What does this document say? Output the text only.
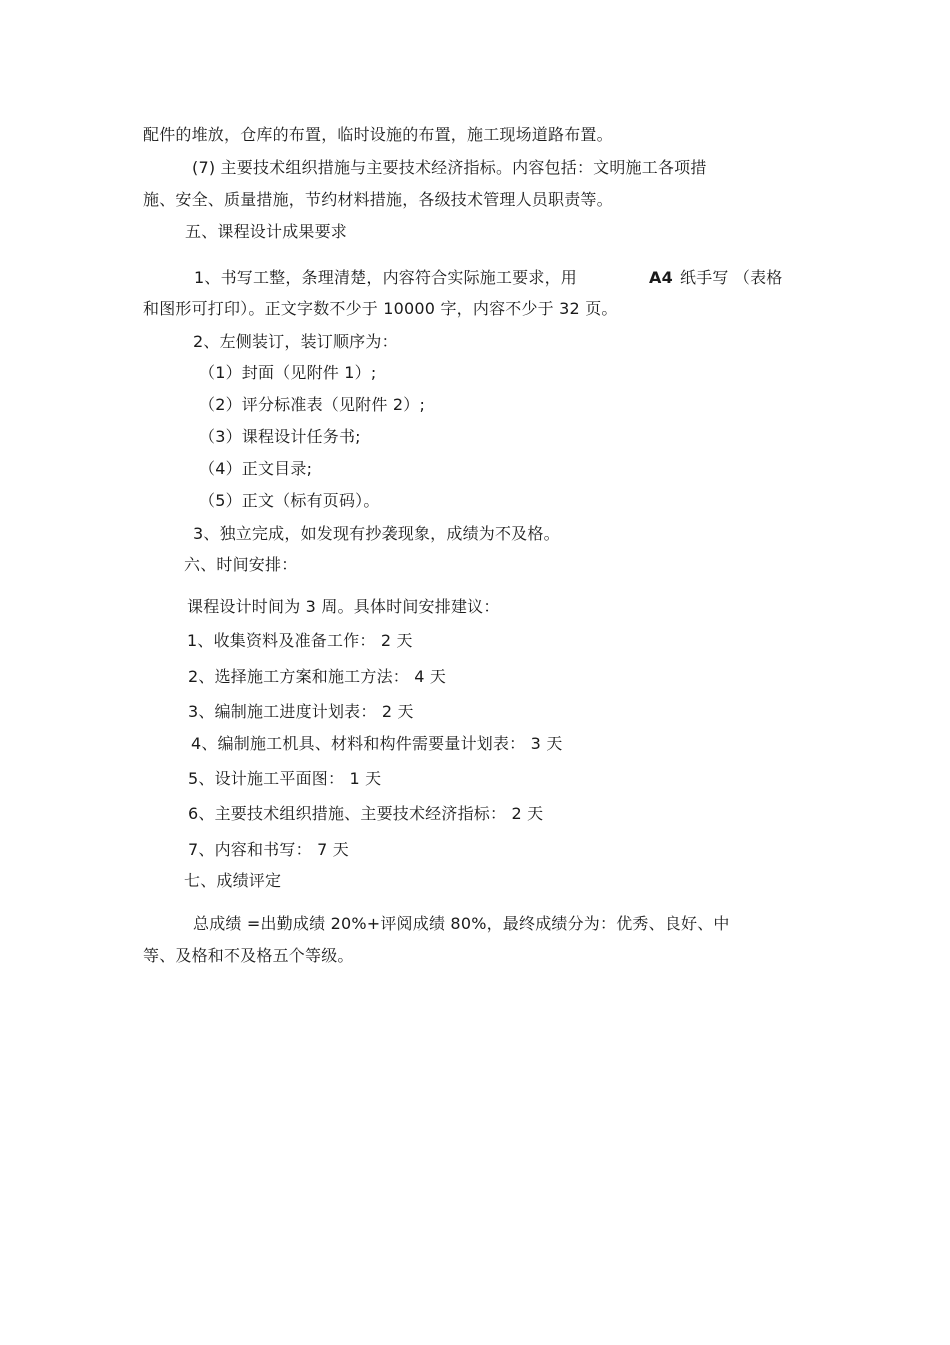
配件的堆放，仓库的布置，临时设施的布置，施工现场道路布置。
(7) 主要技术组织措施与主要技术经济指标。内容包括：文明施工各项措
施、安全、质量措施，节约材料措施，各级技术管理人员职责等。
五、课程设计成果要求
1、书写工整，条理清楚，内容符合实际施工要求，用	A4 纸手写 （表格
和图形可打印）。正文字数不少于 10000 字，内容不少于 32 页。
2、左侧装订，装订顺序为：
（1）封面（见附件 1）;
（2）评分标准表（见附件 2）;
（3）课程设计任务书;
（4）正文目录;
（5）正文（标有页码）。
3、独立完成，如发现有抄袭现象，成绩为不及格。
六、时间安排：
课程设计时间为 3 周。具体时间安排建议：
1、收集资料及准备工作： 2 天
2、选择施工方案和施工方法： 4 天
3、编制施工进度计划表： 2 天
4、编制施工机具、材料和构件需要量计划表： 3 天
5、设计施工平面图： 1 天
6、主要技术组织措施、主要技术经济指标： 2 天
7、内容和书写： 7 天
七、成绩评定
总成绩 =出勤成绩 20%+评阅成绩 80%，最终成绩分为：优秀、良好、中
等、及格和不及格五个等级。
